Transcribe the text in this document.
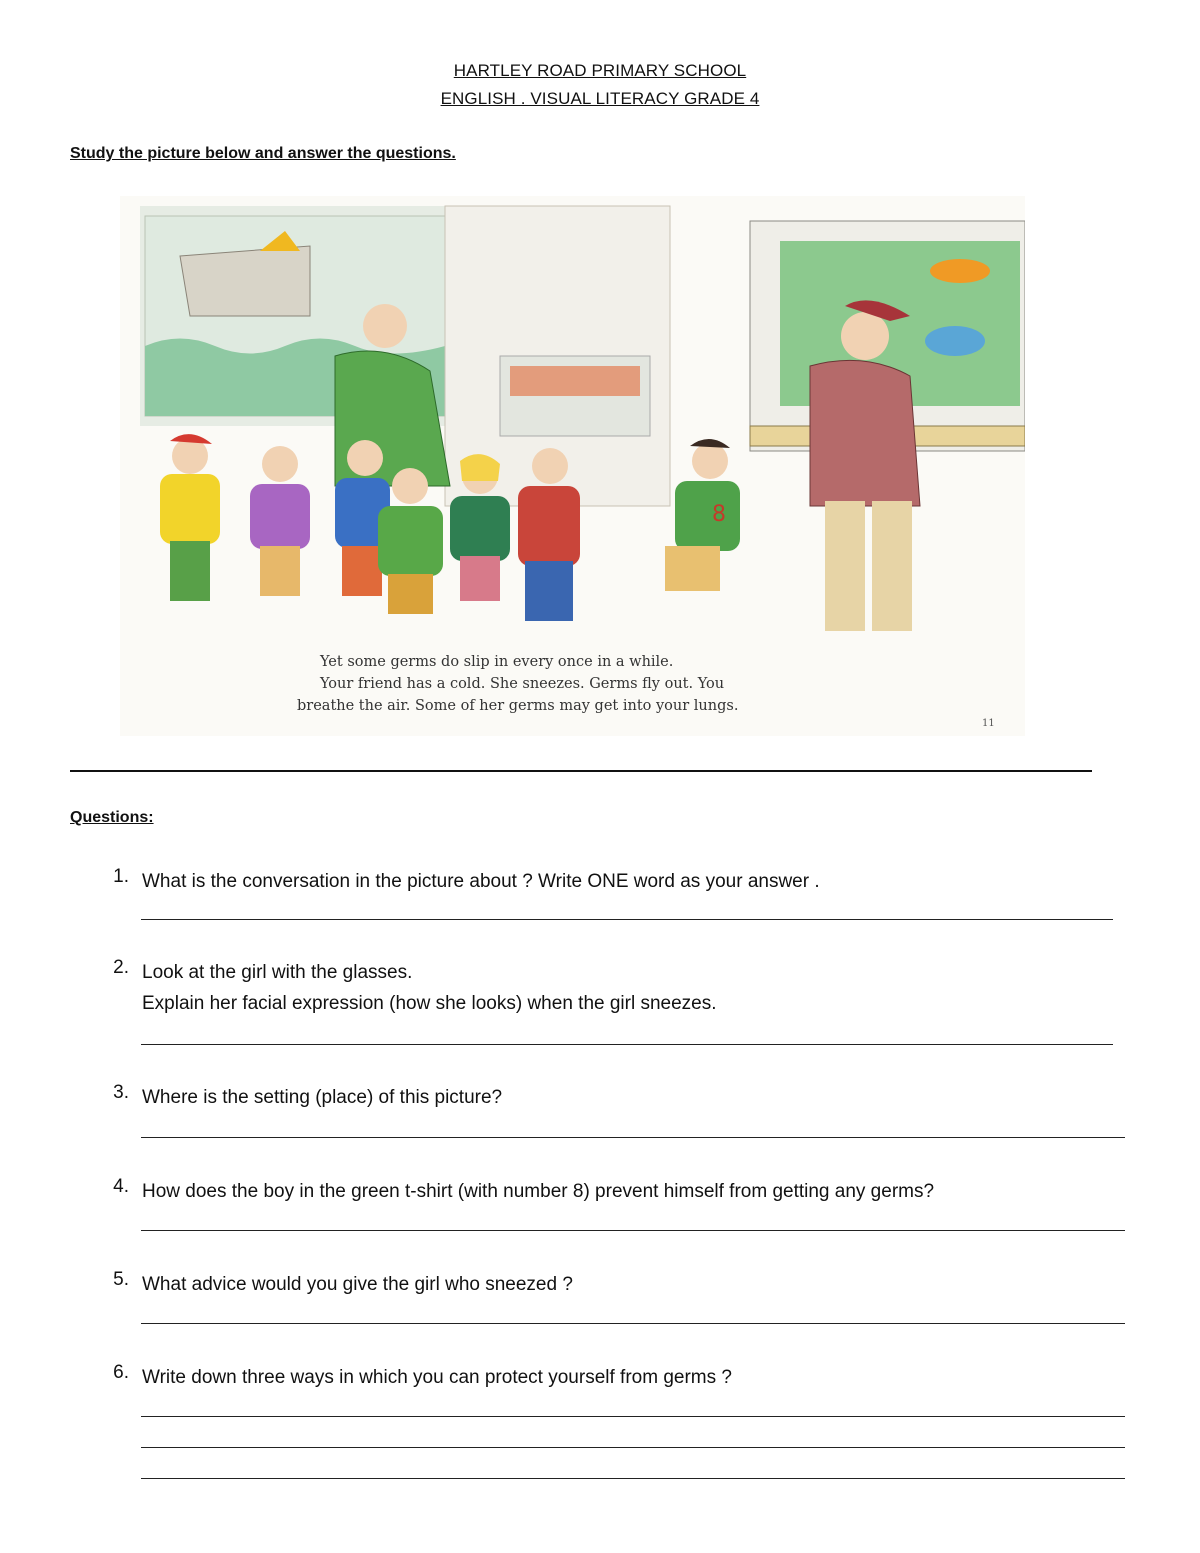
HARTLEY ROAD PRIMARY SCHOOL
ENGLISH . VISUAL LITERACY GRADE 4
Study the picture below and answer the questions.
8
Yet some germs do slip in every once in a while.
Your friend has a cold. She sneezes. Germs fly out. You
breathe the air. Some of her germs may get into your lungs.
11
Questions:
1. What is the conversation in the picture about ? Write ONE word as your answer .
2. Look at the girl with the glasses.
Explain her facial expression (how she looks) when the girl sneezes.
3. Where is the setting (place) of this picture?
4. How does the boy in the green t-shirt (with number 8) prevent himself from getting any germs?
5. What advice would you give the girl who sneezed ?
6. Write down three ways in which you can protect yourself from germs ?
